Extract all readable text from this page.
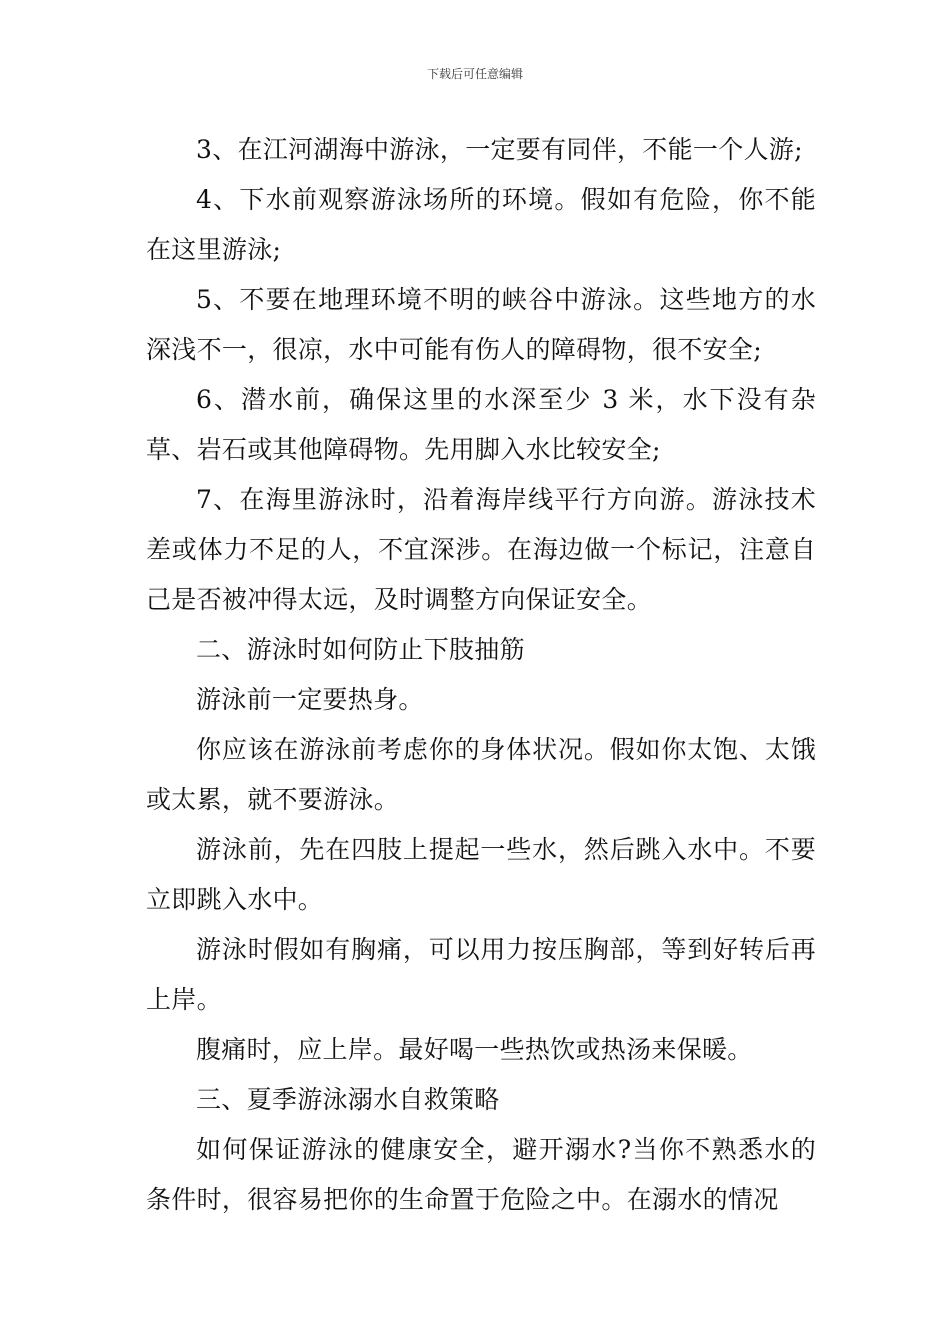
下载后可任意编辑

3、在江河湖海中游泳，一定要有同伴，不能一个人游;

4、下水前观察游泳场所的环境。假如有危险，你不能在这里游泳;

5、不要在地理环境不明的峡谷中游泳。这些地方的水深浅不一，很凉，水中可能有伤人的障碍物，很不安全;

6、潜水前，确保这里的水深至少 3 米，水下没有杂草、岩石或其他障碍物。先用脚入水比较安全;

7、在海里游泳时，沿着海岸线平行方向游。游泳技术差或体力不足的人，不宜深涉。在海边做一个标记，注意自己是否被冲得太远，及时调整方向保证安全。

二、游泳时如何防止下肢抽筋

游泳前一定要热身。

你应该在游泳前考虑你的身体状况。假如你太饱、太饿或太累，就不要游泳。

游泳前，先在四肢上提起一些水，然后跳入水中。不要立即跳入水中。

游泳时假如有胸痛，可以用力按压胸部，等到好转后再上岸。

腹痛时，应上岸。最好喝一些热饮或热汤来保暖。

三、夏季游泳溺水自救策略

如何保证游泳的健康安全，避开溺水?当你不熟悉水的条件时，很容易把你的生命置于危险之中。在溺水的情况
